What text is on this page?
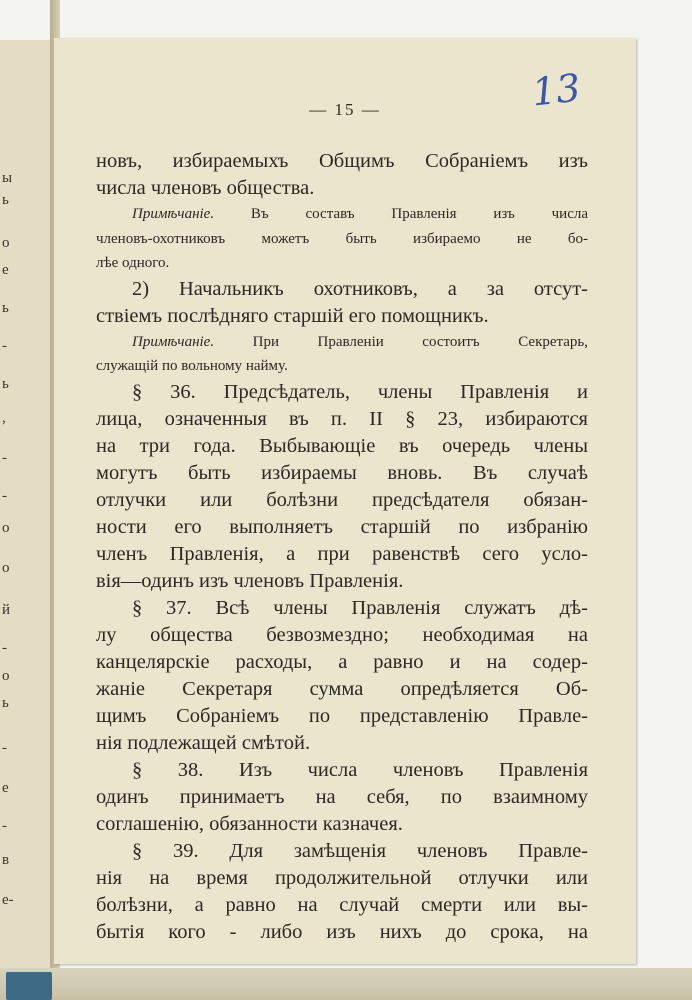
ы
ь
о
е
ь
-
ь
,
-
-
о
о
й
-
о
ь
-
е
-
в
е-
— 15 —	13
новъ, избираемыхъ Общимъ Собраніемъ изъ
числа членовъ общества.
Примѣчаніе. Въ составъ Правленія изъ числа
членовъ-охотниковъ можетъ быть избираемо не бо-
лѣе одного.
2) Начальникъ охотниковъ, а за отсут-
ствіемъ послѣдняго старшій его помощникъ.
Примѣчаніе. При Правленіи состоитъ Секретарь,
служащій по вольному найму.
§ 36. Предсѣдатель, члены Правленія и
лица, означенныя въ п. II § 23, избираются
на три года. Выбывающіе въ очередь члены
могутъ быть избираемы вновь. Въ случаѣ
отлучки или болѣзни предсѣдателя обязан-
ности его выполняетъ старшій по избранію
членъ Правленія, а при равенствѣ сего усло-
вія—одинъ изъ членовъ Правленія.
§ 37. Всѣ члены Правленія служатъ дѣ-
лу общества безвозмездно; необходимая на
канцелярскіе расходы, а равно и на содер-
жаніе Секретаря сумма опредѣляется Об-
щимъ Собраніемъ по представленію Правле-
нія подлежащей смѣтой.
§ 38. Изъ числа членовъ Правленія
одинъ принимаетъ на себя, по взаимному
соглашенію, обязанности казначея.
§ 39. Для замѣщенія членовъ Правле-
нія на время продолжительной отлучки или
болѣзни, а равно на случай смерти или вы-
бытія кого - либо изъ нихъ до срока, на
